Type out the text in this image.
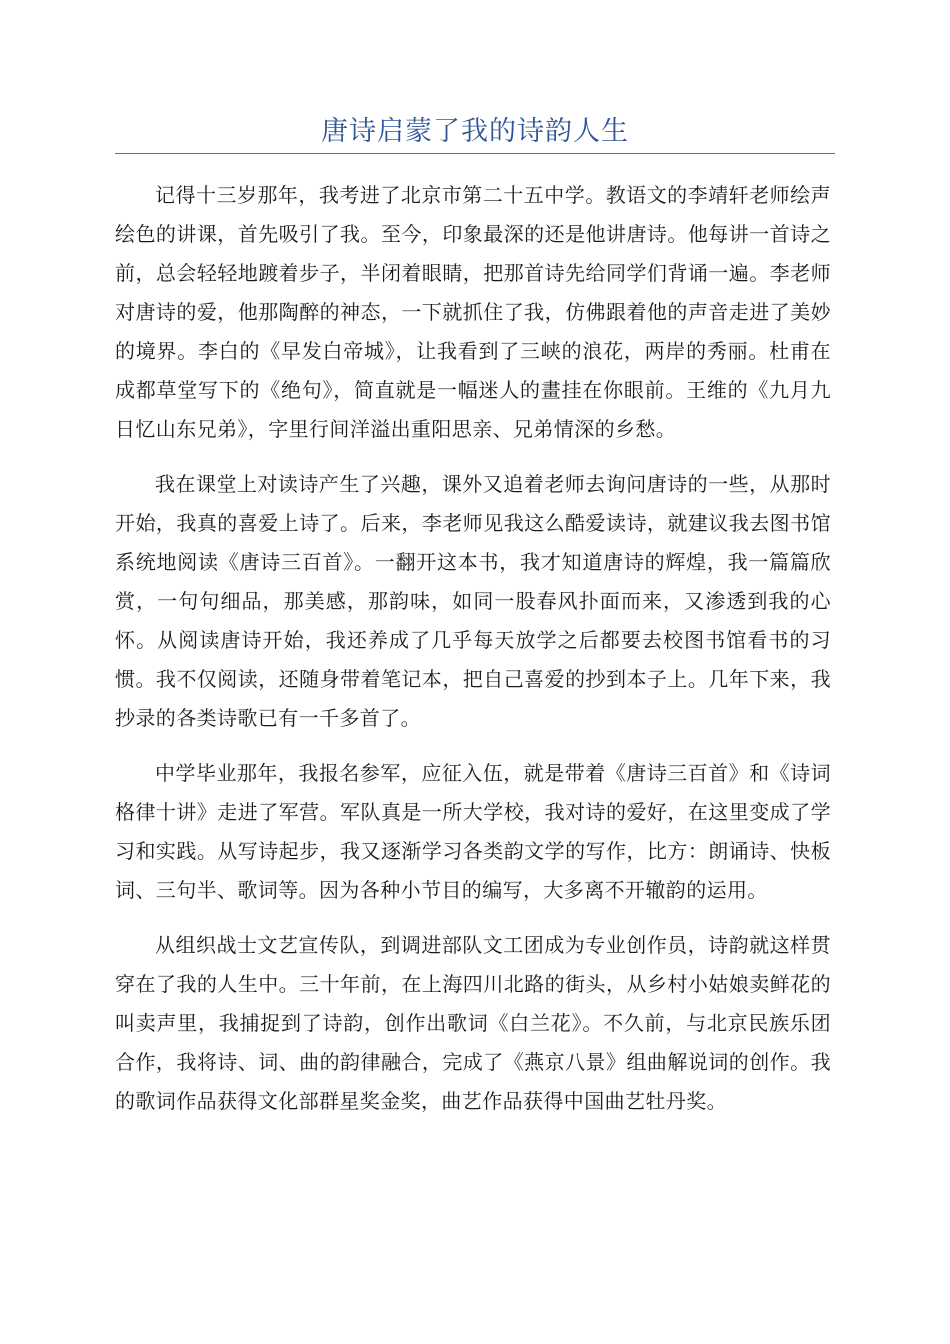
唐诗启蒙了我的诗韵人生

记得十三岁那年，我考进了北京市第二十五中学。教语文的李靖轩老师绘声绘色的讲课，首先吸引了我。至今，印象最深的还是他讲唐诗。他每讲一首诗之前，总会轻轻地踱着步子，半闭着眼睛，把那首诗先给同学们背诵一遍。李老师对唐诗的爱，他那陶醉的神态，一下就抓住了我，仿佛跟着他的声音走进了美妙的境界。李白的《早发白帝城》，让我看到了三峡的浪花，两岸的秀丽。杜甫在成都草堂写下的《绝句》，简直就是一幅迷人的畫挂在你眼前。王维的《九月九日忆山东兄弟》，字里行间洋溢出重阳思亲、兄弟情深的乡愁。

我在课堂上对读诗产生了兴趣，课外又追着老师去询问唐诗的一些，从那时开始，我真的喜爱上诗了。后来，李老师见我这么酷爱读诗，就建议我去图书馆系统地阅读《唐诗三百首》。一翻开这本书，我才知道唐诗的辉煌，我一篇篇欣赏，一句句细品，那美感，那韵味，如同一股春风扑面而来，又渗透到我的心怀。从阅读唐诗开始，我还养成了几乎每天放学之后都要去校图书馆看书的习惯。我不仅阅读，还随身带着笔记本，把自己喜爱的抄到本子上。几年下来，我抄录的各类诗歌已有一千多首了。

中学毕业那年，我报名参军，应征入伍，就是带着《唐诗三百首》和《诗词格律十讲》走进了军营。军队真是一所大学校，我对诗的爱好，在这里变成了学习和实践。从写诗起步，我又逐渐学习各类韵文学的写作，比方：朗诵诗、快板词、三句半、歌词等。因为各种小节目的编写，大多离不开辙韵的运用。

从组织战士文艺宣传队，到调进部队文工团成为专业创作员，诗韵就这样贯穿在了我的人生中。三十年前，在上海四川北路的街头，从乡村小姑娘卖鲜花的叫卖声里，我捕捉到了诗韵，创作出歌词《白兰花》。不久前，与北京民族乐团合作，我将诗、词、曲的韵律融合，完成了《燕京八景》组曲解说词的创作。我的歌词作品获得文化部群星奖金奖，曲艺作品获得中国曲艺牡丹奖。
